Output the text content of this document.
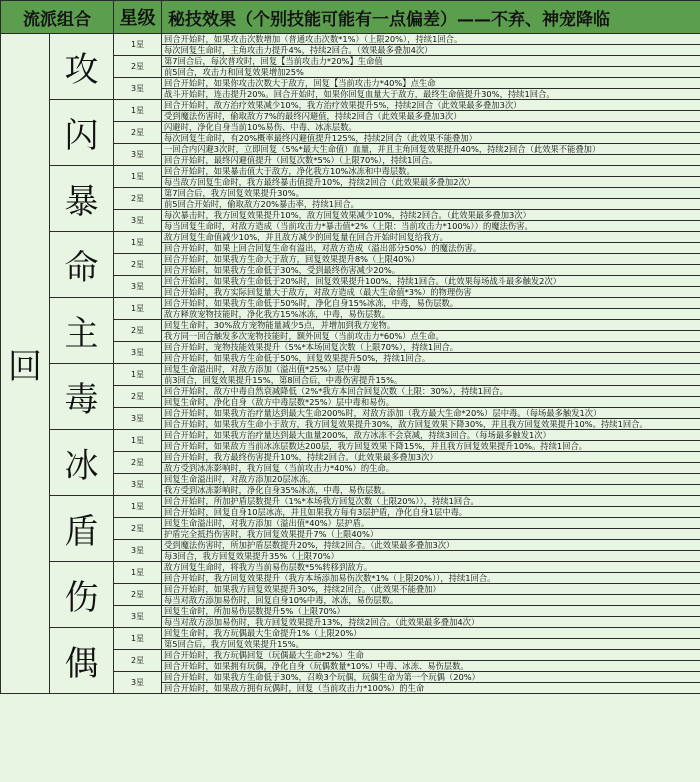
流派组合		星级	秘技效果（个别技能可能有一点偏差）——不弃、神宠降临
回	攻	1星	回合开始时，如果攻击次数增加（普通攻击次数*1%）（上限20%），持续1回合。
			每次回复生命时，主角攻击力提升4%，持续2回合。（效果最多叠加4次）
		2星	第7回合后，每次普攻时，回复【当前攻击力*20%】生命值
			前5回合，攻击力和回复效果增加25%
		3星	回合开始时，如果你攻击次数大于敌方，回复【当前攻击力*40%】点生命
			战斗开始时，连击提升20%。回合开始时，如果你回复血量大于敌方，最终生命值提升30%，持续1回合。
	闪	1星	回合开始时，敌方治疗效果减少10%，我方治疗效果提升5%，持续2回合（此效果最多叠加3次）
			受到魔法伤害时，偷取敌方7%的最终闪避值，持续2回合（此效果最多叠加3次）
		2星	闪避时，净化自身当前10%易伤、中毒、冰冻层数。
			每次回复生命时，有20%概率最终闪避值提升125%，持续2回合（此效果不能叠加）
		3星	一回合内闪避3次时，立即回复（5%*最大生命值）血量，并且主角回复效果提升40%，持续2回合（此效果不能叠加）
			回合开始时，最终闪避值提升（回复次数*5%）（上限70%），持续1回合。
	暴	1星	回合开始时，如果暴击值大于敌方，净化我方10%冰冻和中毒层数。
			每当敌方回复生命时，我方最终暴击值提升10%，持续2回合（此效果最多叠加2次）
		2星	第7回合后，我方回复效果提升30%。
			前5回合开始时，偷取敌方20%暴击率，持续1回合。
		3星	每次暴击时，我方回复效果提升10%，敌方回复效果减少10%，持续2回合。（此效果最多叠加3次）
			每当回复生命时，对敌方造成（当前攻击力*暴击值*2%（上限：当前攻击力*100%））的魔法伤害。
	命	1星	敌方回复生命值减少10%，并且敌方减少的回复量在回合开始时回复给我方。
			回合开始时，如果上回合回复生命有溢出，对敌方造成（溢出部分50%）的魔法伤害。
		2星	回合开始时，如果我方生命大于敌方，回复效果提升8%（上限40%）
			回合开始时，如果我方生命低于30%，受到最终伤害减少20%。
		3星	回合开始时，如果我方生命低于20%时，回复效果提升100%，持续1回合。（此效果每场战斗最多触发2次）
			回合开始时，我方实际回复量大于敌方，对敌方造成（最大生命值*3%）的物理伤害
	主	1星	回合开始时，如果我方生命低于50%时，净化自身15%冰冻，中毒，易伤层数。
			敌方释放宠物技能时，净化我方15%冰冻，中毒，易伤层数。
		2星	回复生命时，30%敌方宠物能量减少5点，并增加到我方宠物。
			我方同一回合触发多次宠物技能时，额外回复（当前攻击力*60%）点生命。
		3星	回合开始时，宠物技能效果提升（5%*本场回复次数（上限70%），持续1回合。
			回合开始时，如果我方生命低于50%，回复效果提升50%，持续1回合。
	毒	1星	回复生命溢出时，对敌方添加（溢出值*25%）层中毒
			前3回合，回复效果提升15%，第8回合后，中毒伤害提升15%。
		2星	回合开始时，敌方中毒自然衰减降低（2%*我方本回合回复次数（上限：30%），持续1回合。
			回复生命时，净化自身（敌方中毒层数*25%）层中毒和易伤。
		3星	回合开始时，如果我方治疗量达到最大生命200%时，对敌方添加（我方最大生命*20%）层中毒。（每场最多触发1次）
			回合开始时，如果我方生命小于敌方，我方回复效果提升30%，敌方回复效果下降30%，并且我方回复效果提升10%。持续1回合。
	冰	1星	回合开始时，如果我方治疗量达到最大血量200%，敌方冰冻不会衰减，持续3回合。（每场最多触发1次）
			回合开始时，如果敌方当前冰冻层数达200层，我方回复效果下降15%，并且我方回复效果提升10%。持续1回合。
		2星	回合开始时，我方最终伤害提升10%，持续2回合。（此效果最多叠加3次）
			敌方受到冰冻影响时，我方回复（当前攻击力*40%）的生命。
		3星	回复生命溢出时，对敌方添加20层冰冻。
			我方受到冰冻影响时，净化自身35%冰冻，中毒，易伤层数。
	盾	1星	回合开始时，所加护盾层数提升（1%*本场我方回复次数（上限20%）），持续1回合。
			回合开始时，回复自身10层冰冻，并且如果我方每有3层护盾，净化自身1层中毒。
		2星	回复生命溢出时，对我方添加（溢出值*40%）层护盾。
			护盾完全抵挡伤害时，我方回复效果提升7%（上限40%）
		3星	受到魔法伤害时，所加护盾层数提升20%，持续2回合。（此效果最多叠加3次）
			每3回合，我方回复效果提升35%（上限70%）
	伤	1星	敌方回复生命时，将我方当前易伤层数*5%转移到敌方。
			回合开始时，我方回复效果提升（我方本场添加易伤次数*1%（上限20%）），持续1回合。
		2星	回合开始时，如果我方回复效果提升30%，持续2回合。（此效果不能叠加）
			每当对敌方添加易伤时，回复自身10%中毒，冰冻，易伤层数。
		3星	回复生命时，所加易伤层数提升5%（上限70%）
			每当对敌方添加易伤时，我方回复效果提升13%，持续2回合。（此效果最多叠加4次）
	偶	1星	回复生命时，我方玩偶最大生命提升1%（上限20%）
			第5回合后，我方回复效果提升15%。
		2星	回合开始时，我方玩偶回复（玩偶最大生命*2%）生命
			回合开始时，如果拥有玩偶，净化自身（玩偶数量*10%）中毒、冰冻、易伤层数。
		3星	回合开始时，如果我方生命低于30%，召唤3个玩偶，玩偶生命为第一个玩偶（20%）
			回合开始时，如果敌方拥有玩偶时，回复（当前攻击力*100%）的生命
